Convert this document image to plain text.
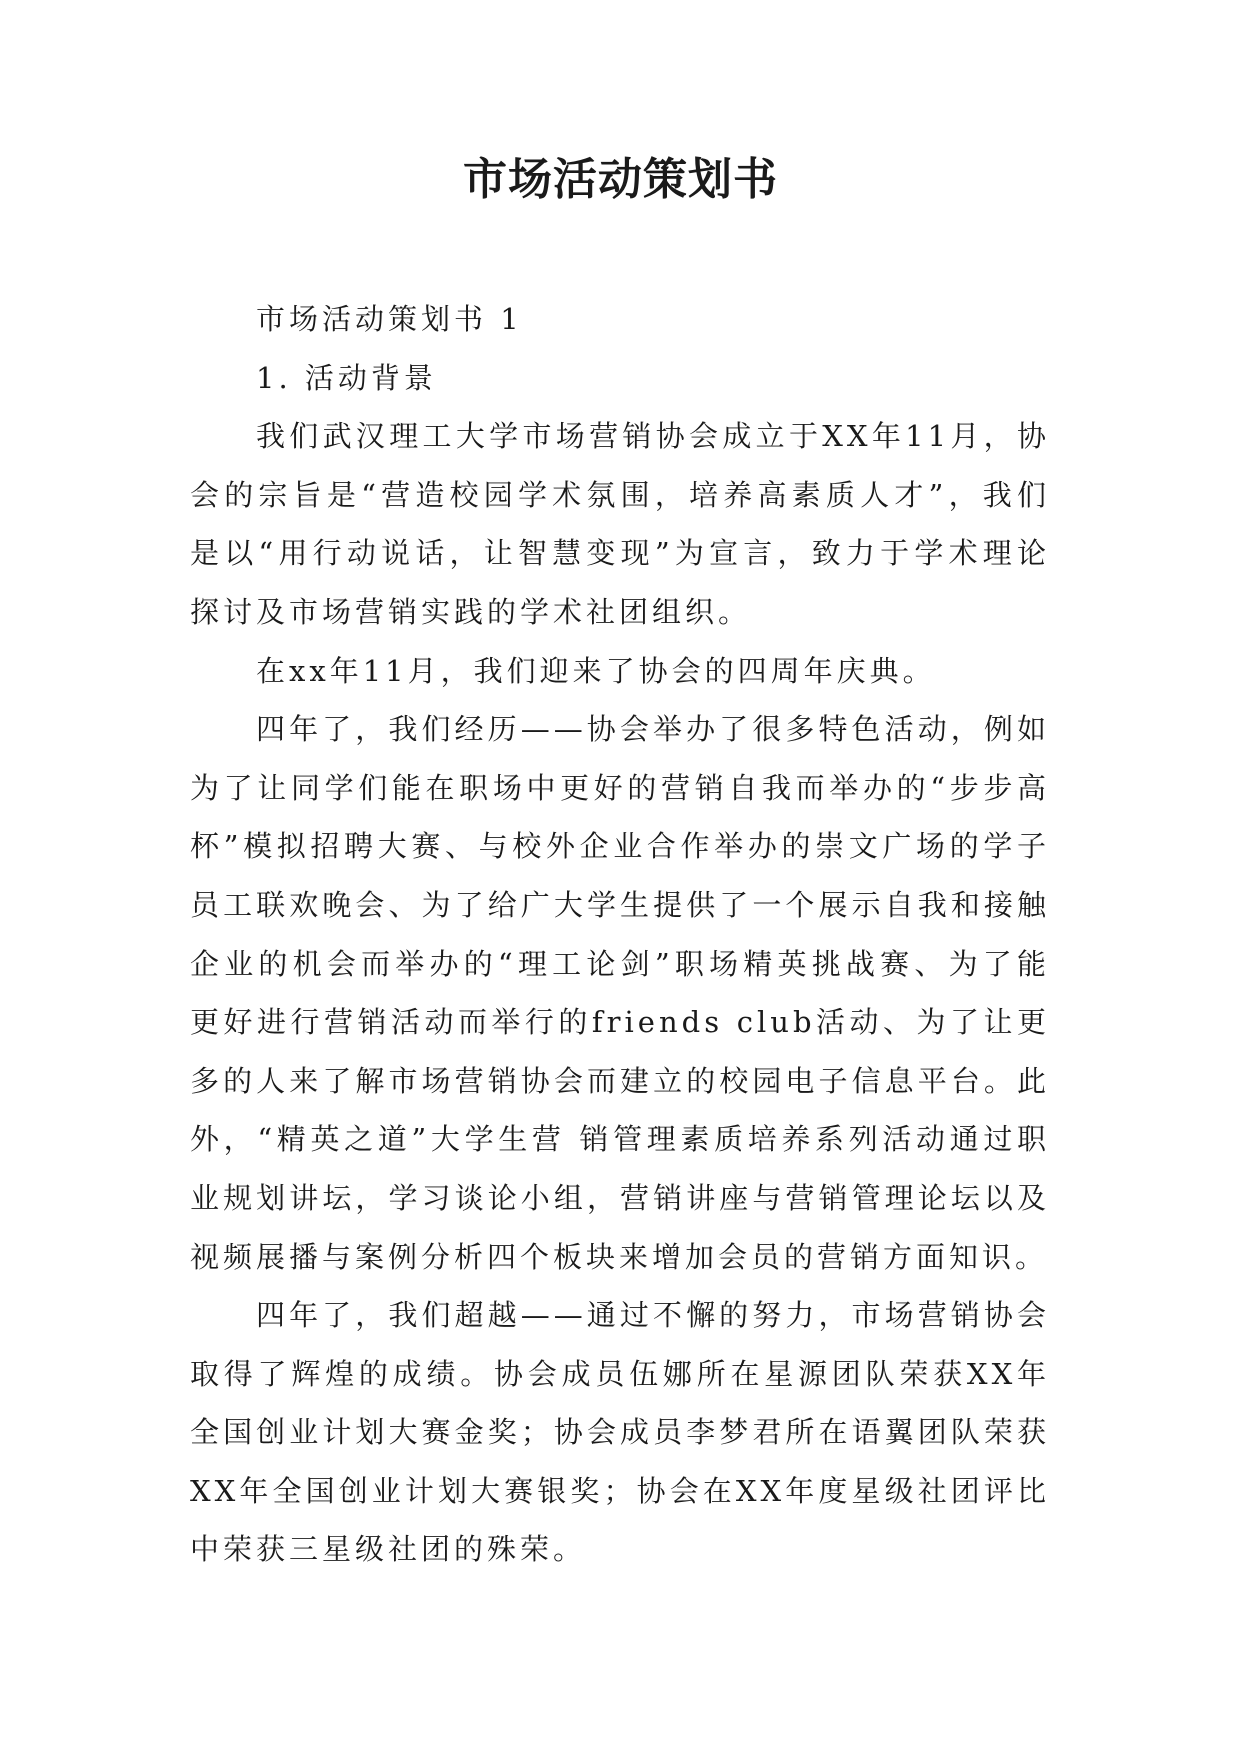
市场活动策划书

市场活动策划书 1

1. 活动背景

我们武汉理工大学市场营销协会成立于XX年11月，协会的宗旨是“营造校园学术氛围，培养高素质人才”，我们是以“用行动说话，让智慧变现”为宣言，致力于学术理论探讨及市场营销实践的学术社团组织。

在xx年11月，我们迎来了协会的四周年庆典。

四年了，我们经历——协会举办了很多特色活动，例如为了让同学们能在职场中更好的营销自我而举办的“步步高杯”模拟招聘大赛、与校外企业合作举办的崇文广场的学子员工联欢晚会、为了给广大学生提供了一个展示自我和接触企业的机会而举办的“理工论剑”职场精英挑战赛、为了能更好进行营销活动而举行的friends club活动、为了让更多的人来了解市场营销协会而建立的校园电子信息平台。此外，“精英之道”大学生营 销管理素质培养系列活动通过职业规划讲坛，学习谈论小组，营销讲座与营销管理论坛以及视频展播与案例分析四个板块来增加会员的营销方面知识。

四年了，我们超越——通过不懈的努力，市场营销协会取得了辉煌的成绩。协会成员伍娜所在星源团队荣获XX年全国创业计划大赛金奖；协会成员李梦君所在语翼团队荣获XX年全国创业计划大赛银奖；协会在XX年度星级社团评比中荣获三星级社团的殊荣。
